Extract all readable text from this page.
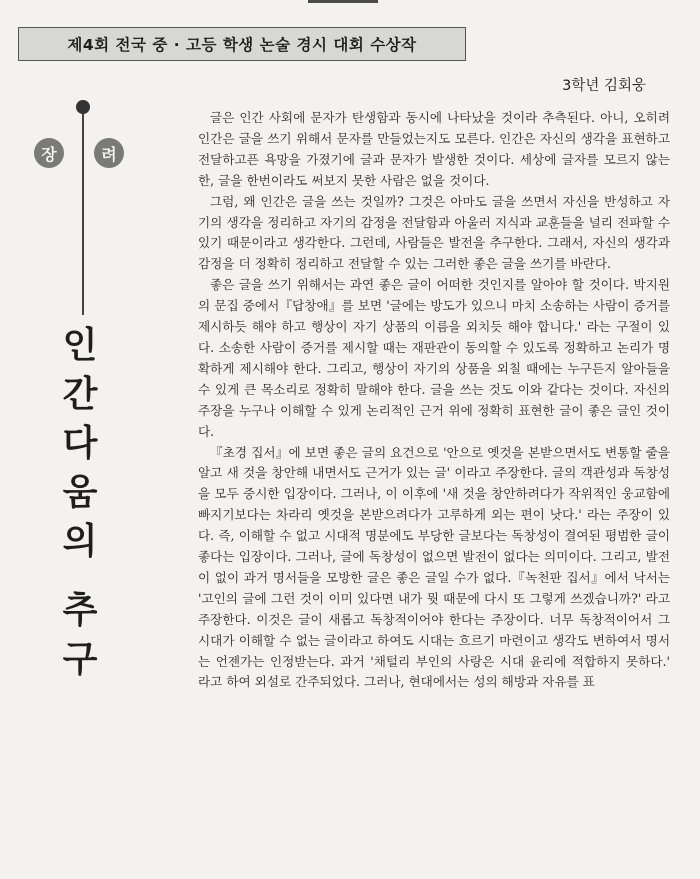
제4회 전국 중 · 고등 학생 논술 경시 대회 수상작
3학년 김회웅
장	려
인
간
다
움
의
추
구

글은 인간 사회에 문자가 탄생함과 동시에 나타났을 것이라 추측된다. 아니, 오히려 인간은 글을 쓰기 위해서 문자를 만들었는지도 모른다. 인간은 자신의 생각을 표현하고 전달하고픈 욕망을 가졌기에 글과 문자가 발생한 것이다. 세상에 글자를 모르지 않는 한, 글을 한번이라도 써보지 못한 사람은 없을 것이다.

그럼, 왜 인간은 글을 쓰는 것일까? 그것은 아마도 글을 쓰면서 자신을 반성하고 자기의 생각을 정리하고 자기의 감정을 전달함과 아울러 지식과 교훈들을 널리 전파할 수 있기 때문이라고 생각한다. 그런데, 사람들은 발전을 추구한다. 그래서, 자신의 생각과 감정을 더 정확히 정리하고 전달할 수 있는 그러한 좋은 글을 쓰기를 바란다.

좋은 글을 쓰기 위해서는 과연 좋은 글이 어떠한 것인지를 알아야 할 것이다. 박지원의 문집 중에서『답창애』를 보면 '글에는 방도가 있으니 마치 소송하는 사람이 증거를 제시하듯 해야 하고 행상이 자기 상품의 이름을 외치듯 해야 합니다.' 라는 구절이 있다. 소송한 사람이 증거를 제시할 때는 재판관이 동의할 수 있도록 정확하고 논리가 명확하게 제시해야 한다. 그리고, 행상이 자기의 상품을 외칠 때에는 누구든지 알아들을 수 있게 큰 목소리로 정확히 말해야 한다. 글을 쓰는 것도 이와 같다는 것이다. 자신의 주장을 누구나 이해할 수 있게 논리적인 근거 위에 정확히 표현한 글이 좋은 글인 것이다.

『초경 집서』에 보면 좋은 글의 요건으로 '안으로 옛것을 본받으면서도 변통할 줄을 알고 새 것을 창안해 내면서도 근거가 있는 글' 이라고 주장한다. 글의 객관성과 독창성을 모두 중시한 입장이다. 그러나, 이 이후에 '새 것을 창안하려다가 작위적인 웅교함에 빠지기보다는 차라리 옛것을 본받으려다가 고루하게 외는 편이 낫다.' 라는 주장이 있다. 즉, 이해할 수 없고 시대적 명분에도 부당한 글보다는 독창성이 결여된 평범한 글이 좋다는 입장이다. 그러나, 글에 독창성이 없으면 발전이 없다는 의미이다. 그리고, 발전이 없이 과거 명서들을 모방한 글은 좋은 글일 수가 없다.『녹천판 집서』에서 낙서는 '고인의 글에 그런 것이 이미 있다면 내가 뭣 때문에 다시 또 그렇게 쓰겠습니까?' 라고 주장한다. 이것은 글이 새롭고 독창적이어야 한다는 주장이다. 너무 독창적이어서 그 시대가 이해할 수 없는 글이라고 하여도 시대는 흐르기 마련이고 생각도 변하여서 명서는 언젠가는 인정받는다. 과거 '채털리 부인의 사랑은 시대 윤리에 적합하지 못하다.' 라고 하여 외설로 간주되었다. 그러나, 현대에서는 성의 해방과 자유를 표
